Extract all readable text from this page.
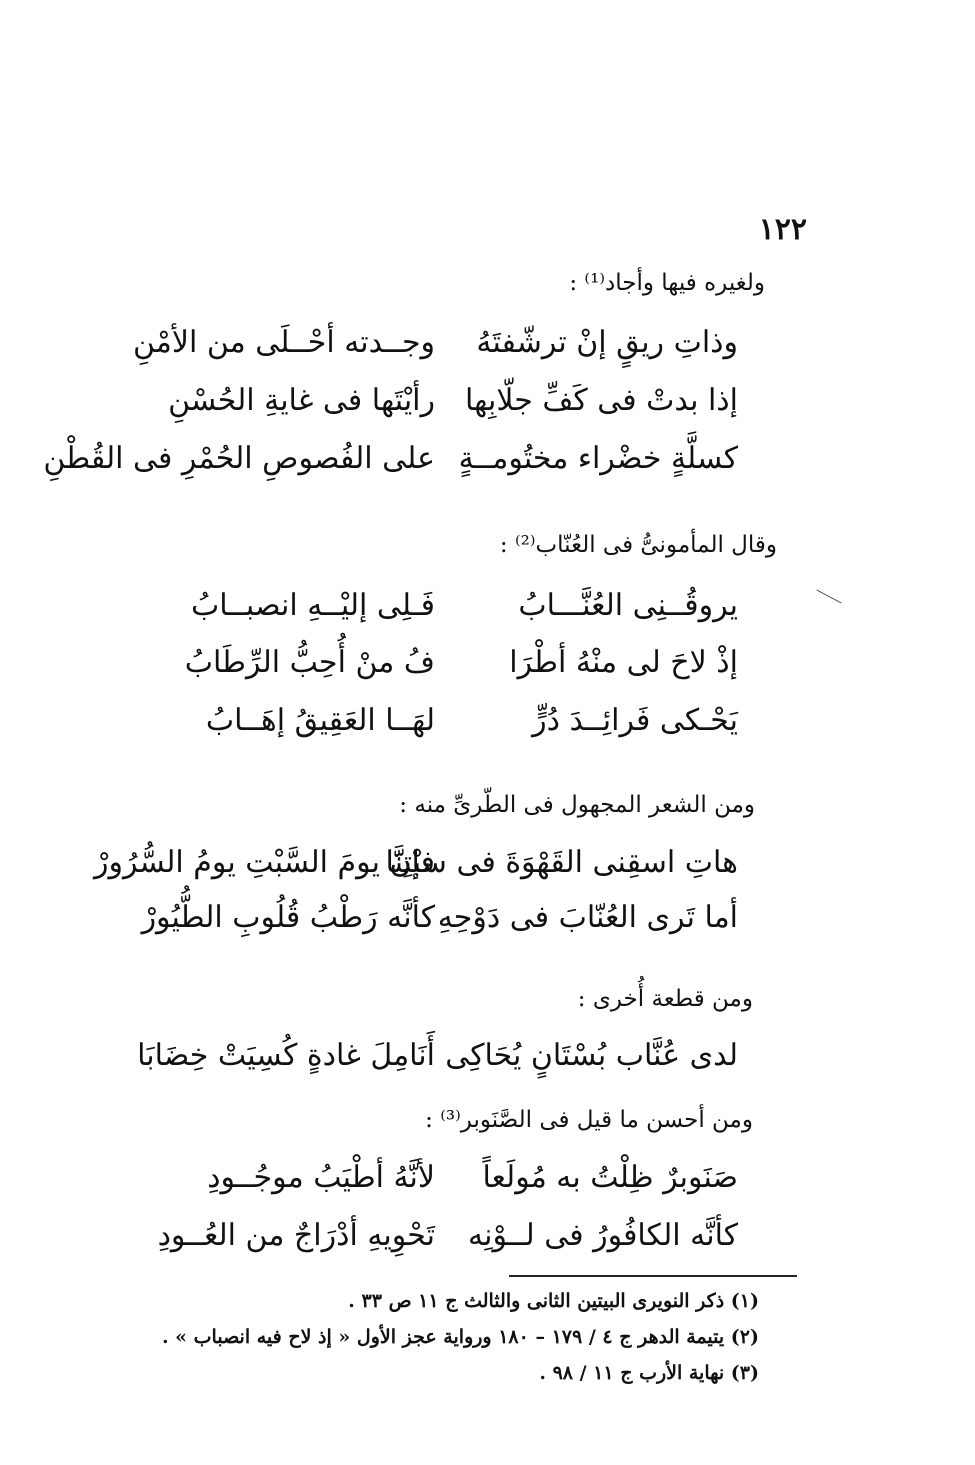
١٢٢
ولغيره فيها وأجاد⁽¹⁾ :
وذاتِ ريقٍ إنْ ترشّفتَهُ
وجــدته أحْــلَى من الأمْنِ
إذا بدتْ فى كَفِّ جلّابِها
رأيْتَها فى غايةِ الحُسْنِ
كسلَّةٍ خضْراء مختُومــةٍ
على الفُصوصِ الحُمْرِ فى القُطْنِ
وقال المأمونىُّ فى العُنّاب⁽²⁾ :
يروقُــنِى العُنَّـــابُ
فَـلِى إليْــهِ انصبــابُ
إذْ لاحَ لى منْهُ أطْرَا
فُ منْ أُحِبُّ الرِّطَابُ
يَحْـكى فَرائِــدَ دُرٍّ
لهَــا العَقِيقُ إهَــابُ
ومن الشعر المجهول فى الطّرىِّ منه :
هاتِ اسقِنى القَهْوَةَ فى سبْتِنَا
فإنَّ يومَ السَّبْتِ يومُ السُّرُورْ
أما تَرى العُنّابَ فى دَوْحِهِ
كأنَّه رَطْبُ قُلُوبِ الطُّيُورْ
ومن قطعة أُخرى :
لدى عُنَّاب بُسْتَانٍ يُحَاكِى
أَنَامِلَ غادةٍ كُسِيَتْ خِضَابَا
ومن أحسن ما قيل فى الصَّنَوبر⁽³⁾ :
صَنَوبرٌ ظِلْتُ به مُولَعاً
لأنَّهُ أطْيَبُ موجُــودِ
كأنَّه الكافُورُ فى لــوْنِه
تَحْوِيهِ أدْرَاجٌ من العُــودِ
(١) ذكر النويرى البيتين الثانى والثالث ج ١١ ص ٣٣ .
(٢) يتيمة الدهر ج ٤ / ١٧٩ – ١٨٠ ورواية عجز الأول « إذ لاح فيه انصباب » .
(٣) نهاية الأرب ج ١١ / ٩٨ .
